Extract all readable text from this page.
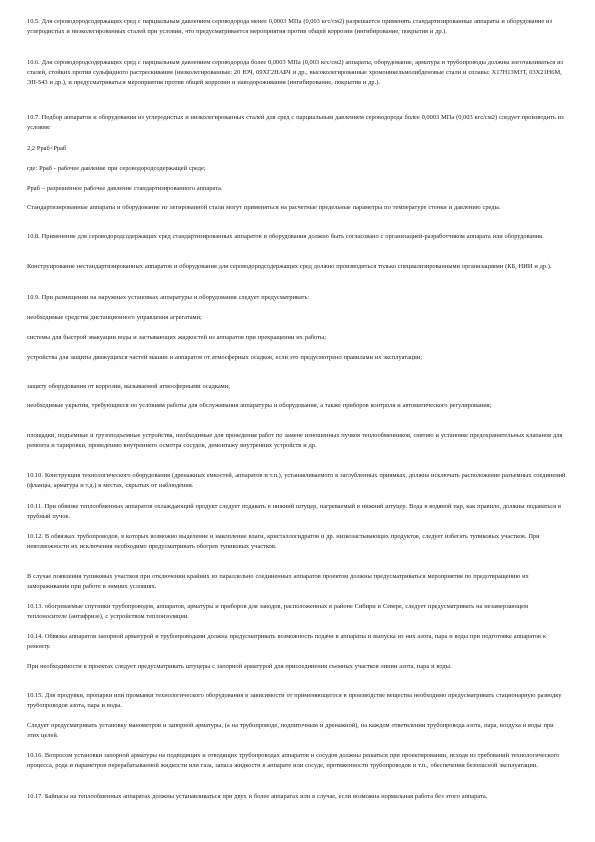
10.5. Для сероводородсодержащих сред с парциальным давлением сероводорода менее 0,0003 МПа (0,003 кгс/см2) разрешается применять стандартизированные аппараты и оборудование из углеродистых и низколегированных сталей при условии, что предусматривается мероприятия против общей коррозии (ингибирование, покрытия и др.).

10.6. Для сероводородсодержащих сред с парциальным давлением сероводорода более 0,0003 МПа (0,003 кгс/см2) аппараты, оборудование, арматура и трубопроводы должны изготавливаться из сталей, стойких против сульфидного растрескивания (низколегированные: 20 ЮЧ, 09ХГ2НАБЧ и др., высоколегированные хромоникельмолибденовые стали и сплавы: Х17Н13М3Т, 03Х21Н6М, ЭП-543 и др.), и предусматриваться мероприятия против общей коррозии и наводороживания (ингибирование, покрытия и др.).

10.7. Подбор аппаратов и оборудования из углеродистых и низколегированных сталей для сред с парциальным давлением сероводорода более 0,0003 МПа (0,003 кгс/см2) следует производить из условия:

2,2 Рраб<Рраб

где: Рраб - рабочее давление при сероводородсодержащей среде;

Рраб – разрешенное рабочее давление стандартизированного аппарата.

Стандартизированные аппараты и оборудование из легированной стали могут применяться на расчетные предельные параметры по температуре стенки и давлению среды.

10.8. Применение для сероводородсодержащих сред стандартизированных аппаратов и оборудования должно быть согласовано с организацией-разработчиком аппарата или оборудования.

Конструирование нестандартизированных аппаратов и оборудования для сероводородсодержащих сред должно производиться только специализированными организациями (КБ, НИИ и др.).

10.9. При размещении на наружных установках аппаратуры и оборудования следует предусматривать:

необходимые средства дистанционного управления агрегатами;

системы для быстрой эвакуации воды и застывающих жидкостей из аппаратов при прекращении их работы;

устройства для защиты движущихся частей машин и аппаратов от атмосферных осадков, если это предусмотрено правилами их эксплуатации;

защиту оборудования от коррозии, вызываемой атмосферными осадками;

необходимые укрытия, требующиеся по условиям работы для обслуживания аппаратуры и оборудования, а также приборов контроля и автоматического регулирования;

площадки, подъемные и грузоподъемные устройства, необходимые для проведения работ по замене изношенных пучков теплообменников, снятию и установке предохранительных клапанов для ремонта и тарировки, проведению внутреннего осмотра сосудов, демонтажу внутренних устройств и др.

10.10. Конструкция технологического оборудования (дренажных емкостей, аппаратов и т.п.), устанавливаемого в заглубленных приямках, должна исключать расположение разъемных соединений (фланцы, арматура и т.д.) в местах, скрытых от наблюдения.

10.11. При обвязке теплообменных аппаратов охлаждающий продукт следует подавать в нижний штуцер, нагреваемый в нижний штуцер. Вода в водяной пар, как правило, должны подаваться в трубный пучок.

10.12. В обвязках трубопроводов, в которых возможно выделение и накопление влаги, кристаллогидратов и др. низкозастывающих продуктов, следует избегать тупиковых участков. При невозможности их исключения необходимо предусматривать обогрев тупиковых участков.

В случае появления тупиковых участков при отключении крайних из параллельно соединенных аппаратов проектом должны предусматриваться мероприятия по предотвращению их замораживания при работе в зимних условиях.

10.13. обогреваемые спутники трубопроводов, аппаратов, арматуры и приборов для заводов, расположенных в районе Сибири и Севере, следует предусматривать на незамерзающем теплоносителе (антифризе), с устройством теплоизоляции.

10.14. Обвязка аппаратов запорной арматурой и трубопроводами должна предусматривать возможность подачи в аппараты и выпуска из них азота, пара и воды при подготовке аппаратов к ремонту.

При необходимости в проектах следует предусматривать штуцеры с запорной арматурой для присоединения съемных участков линии азота, пара и воды.

10.15. Для продувки, пропарки или промывки технологического оборудования в зависимости от применяющегося в производстве вещества необходимо предусматривать стационарную разводку трубопроводов азота, пара и воды.

Следует предусматривать установку манометров и запорной арматуры, (а на трубопроводе, подпиточным и дренажной), на каждом ответвлении трубопровода азота, пара, воздуха и воды при этих целей.

10.16. Вопросом установки запорной арматуры на подводящих и отводящих трубопроводах аппаратов и сосудов должны решаться при проектировании, исходя из требований технологического процесса, рода и параметров перерабатываемой жидкости или газа, запаса жидкости в аппарате или сосуде, протяженности трубопроводов и т.п., обеспечения безопасной эксплуатации.

10.17. Байпасы на теплообменных аппаратах должны устанавливаться при двух и более аппаратах или в случае, если возможна нормальная работа без этого аппарата.
